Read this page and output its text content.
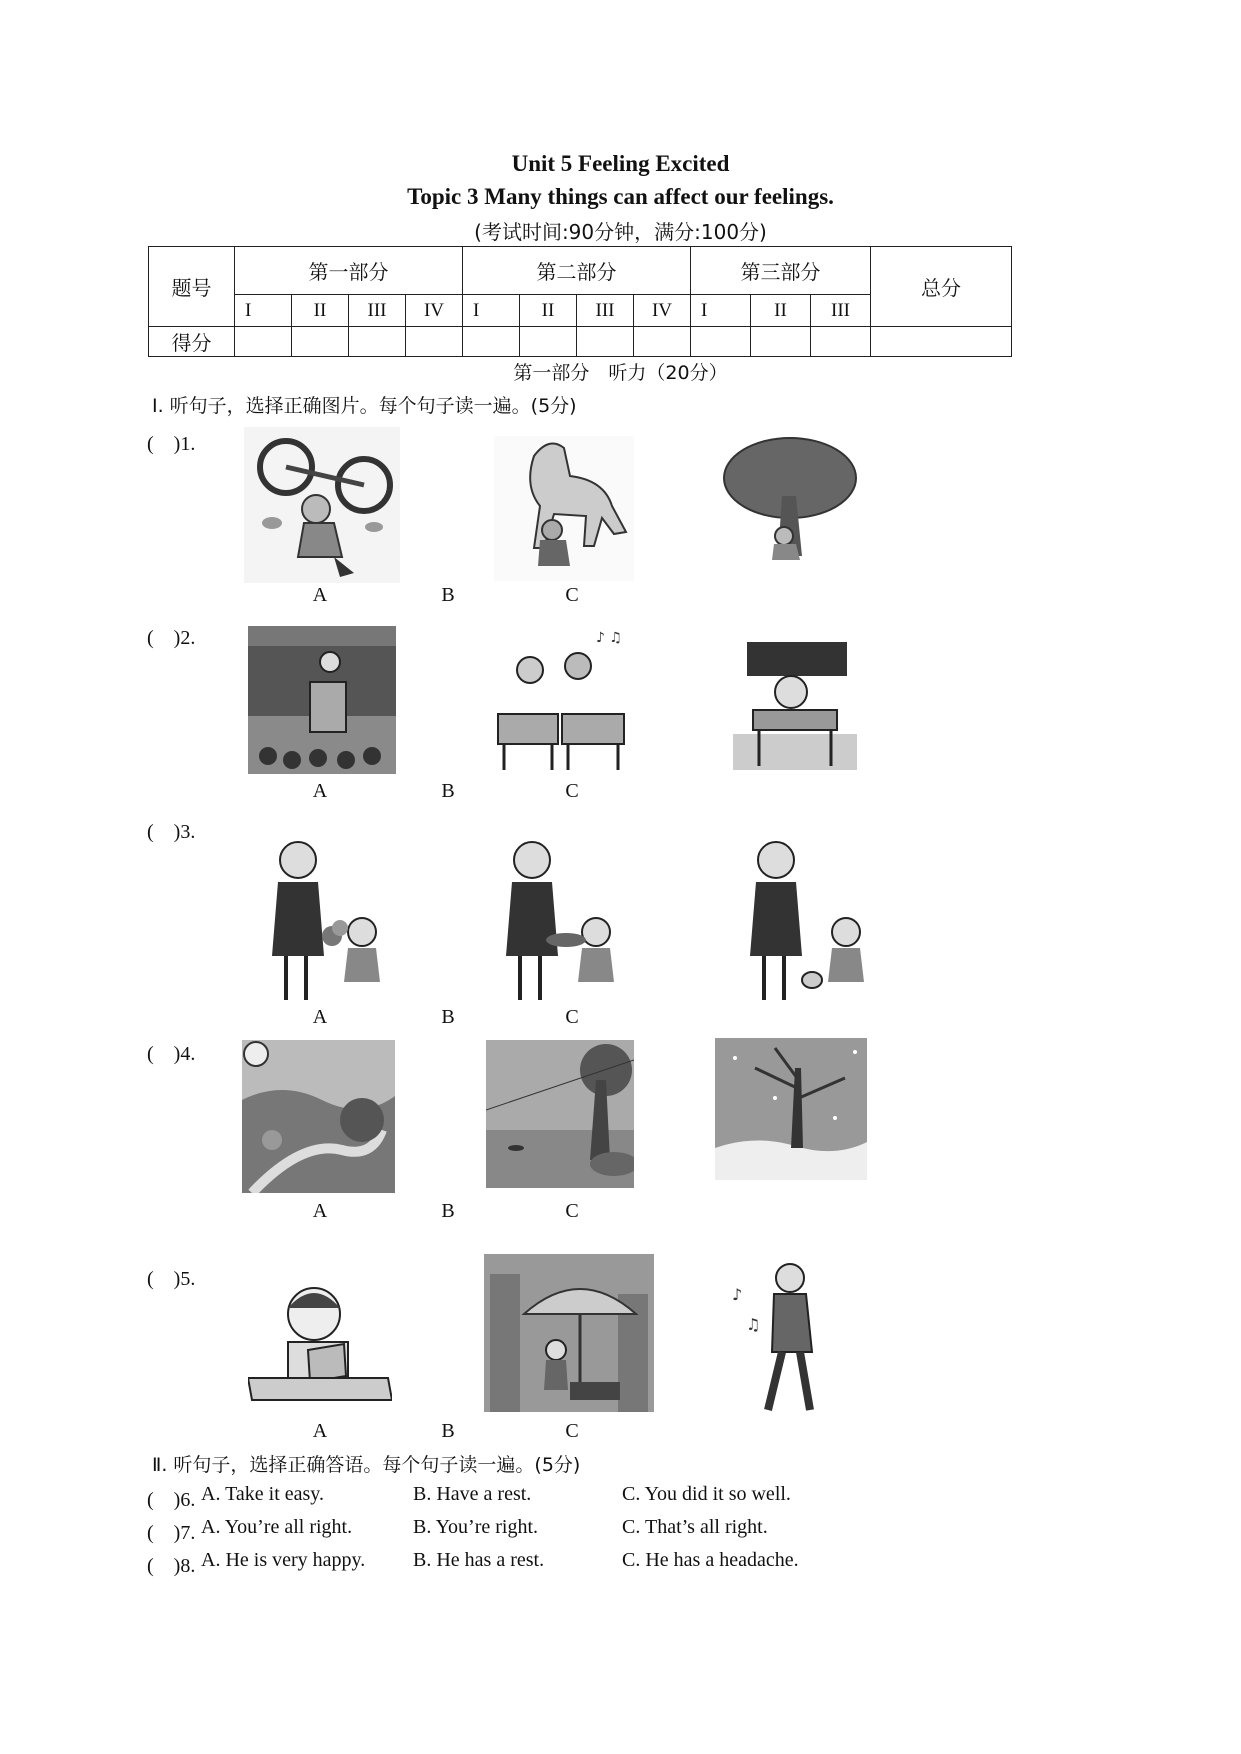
Unit 5 Feeling Excited
Topic 3 Many things can affect our feelings.
(考试时间:90分钟，满分:100分)
题号	第一部分				第二部分				第三部分			总分
	I	II	III	IV	I	II	III	IV	I	II	III	
得分												
第一部分　听力（20分）
Ⅰ. 听句子，选择正确图片。每个句子读一遍。(5分)
(　)1.
A	B	C
(　)2.	♪ ♫
A	B	C
(　)3.
A	B	C
(　)4.
A	B	C
(　)5.
♪
♫
A	B	C
Ⅱ. 听句子，选择正确答语。每个句子读一遍。(5分)
(　)6. A. Take it easy.	B. Have a rest.	C. You did it so well.
(　)7. A. You’re all right.	B. You’re right.	C. That’s all right.
(　)8. A. He is very happy. B. He has a rest.	C. He has a headache.
